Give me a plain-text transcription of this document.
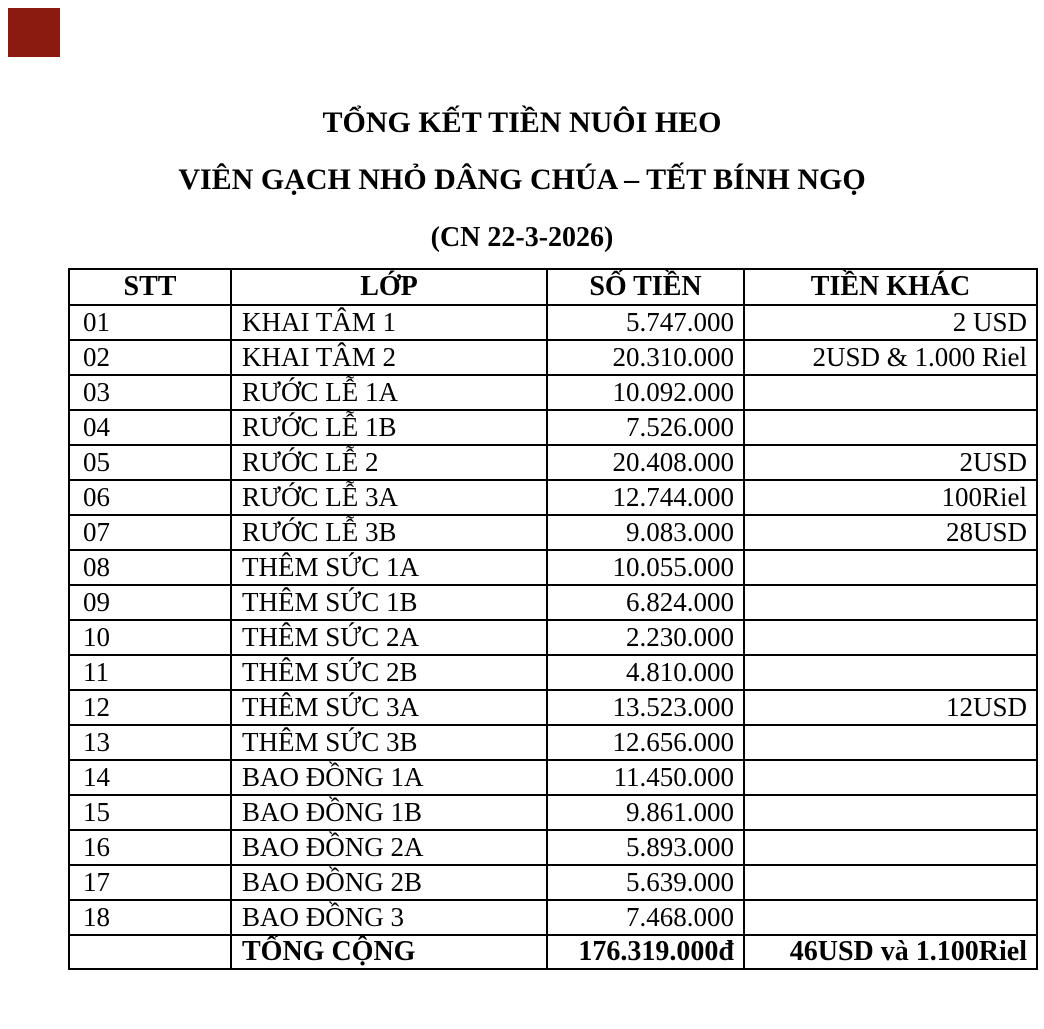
TỔNG KẾT TIỀN NUÔI HEO
VIÊN GẠCH NHỎ DÂNG CHÚA – TẾT BÍNH NGỌ
(CN 22-3-2026)
STT	LỚP	SỐ TIỀN	TIỀN KHÁC
01	KHAI TÂM 1	5.747.000	2 USD
02	KHAI TÂM 2	20.310.000	2USD & 1.000 Riel
03	RƯỚC LỄ 1A	10.092.000	
04	RƯỚC LỄ 1B	7.526.000	
05	RƯỚC LỄ 2	20.408.000	2USD
06	RƯỚC LỄ 3A	12.744.000	100Riel
07	RƯỚC LỄ 3B	9.083.000	28USD
08	THÊM SỨC 1A	10.055.000	
09	THÊM SỨC 1B	6.824.000	
10	THÊM SỨC 2A	2.230.000	
11	THÊM SỨC 2B	4.810.000	
12	THÊM SỨC 3A	13.523.000	12USD
13	THÊM SỨC 3B	12.656.000	
14	BAO ĐỒNG 1A	11.450.000	
15	BAO ĐỒNG 1B	9.861.000	
16	BAO ĐỒNG 2A	5.893.000	
17	BAO ĐỒNG 2B	5.639.000	
18	BAO ĐỒNG 3	7.468.000	
	TỔNG CỘNG	176.319.000đ	46USD và 1.100Riel
